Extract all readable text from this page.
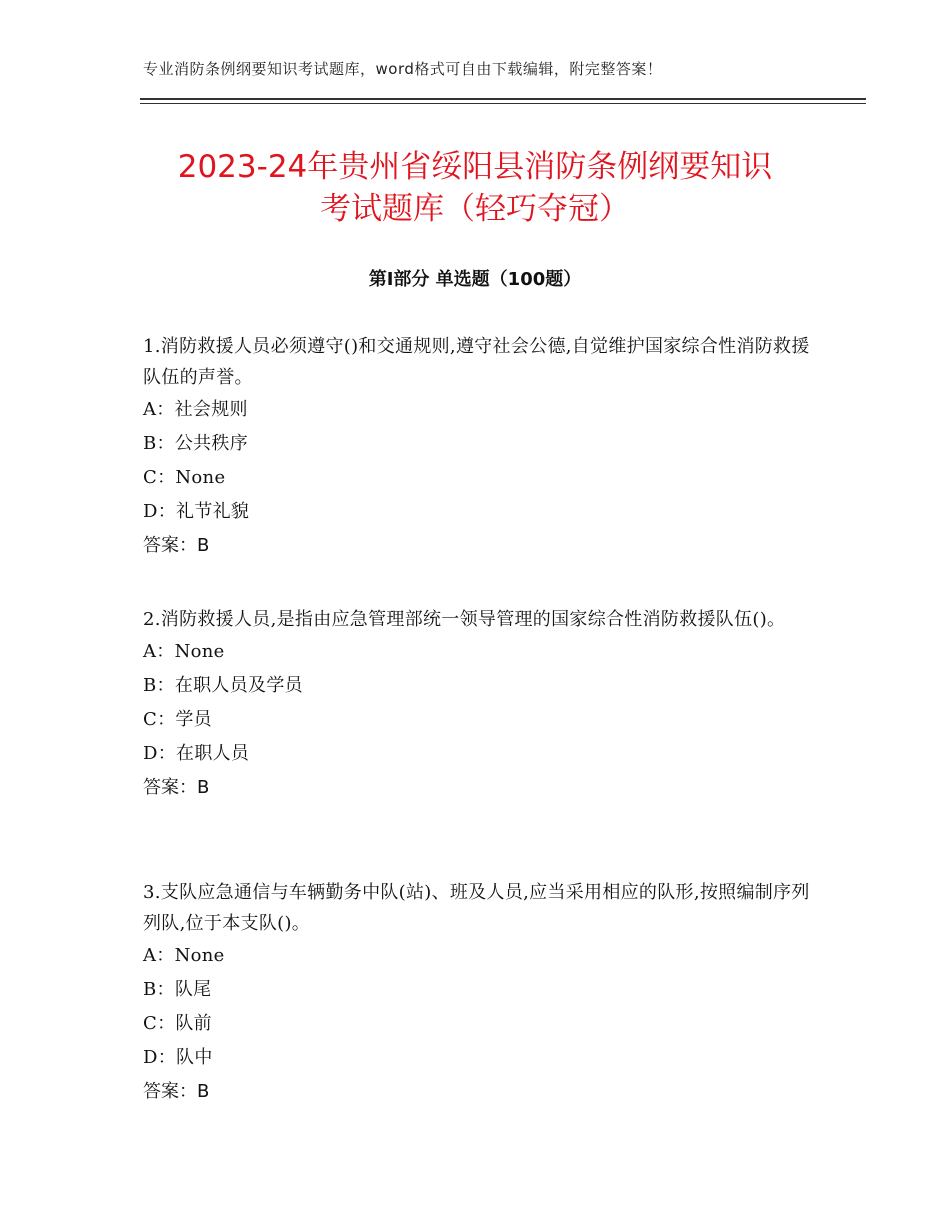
专业消防条例纲要知识考试题库，word格式可自由下载编辑，附完整答案！
2023-24年贵州省绥阳县消防条例纲要知识
考试题库（轻巧夺冠）
第Ⅰ部分 单选题（100题）

1.消防救援人员必须遵守()和交通规则,遵守社会公德,自觉维护国家综合性消防救援队伍的声誉。

A：社会规则

B：公共秩序

C：None

D：礼节礼貌

答案：B

2.消防救援人员,是指由应急管理部统一领导管理的国家综合性消防救援队伍()。

A：None

B：在职人员及学员

C：学员

D：在职人员

答案：B

3.支队应急通信与车辆勤务中队(站)、班及人员,应当采用相应的队形,按照编制序列列队,位于本支队()。

A：None

B：队尾

C：队前

D：队中

答案：B
